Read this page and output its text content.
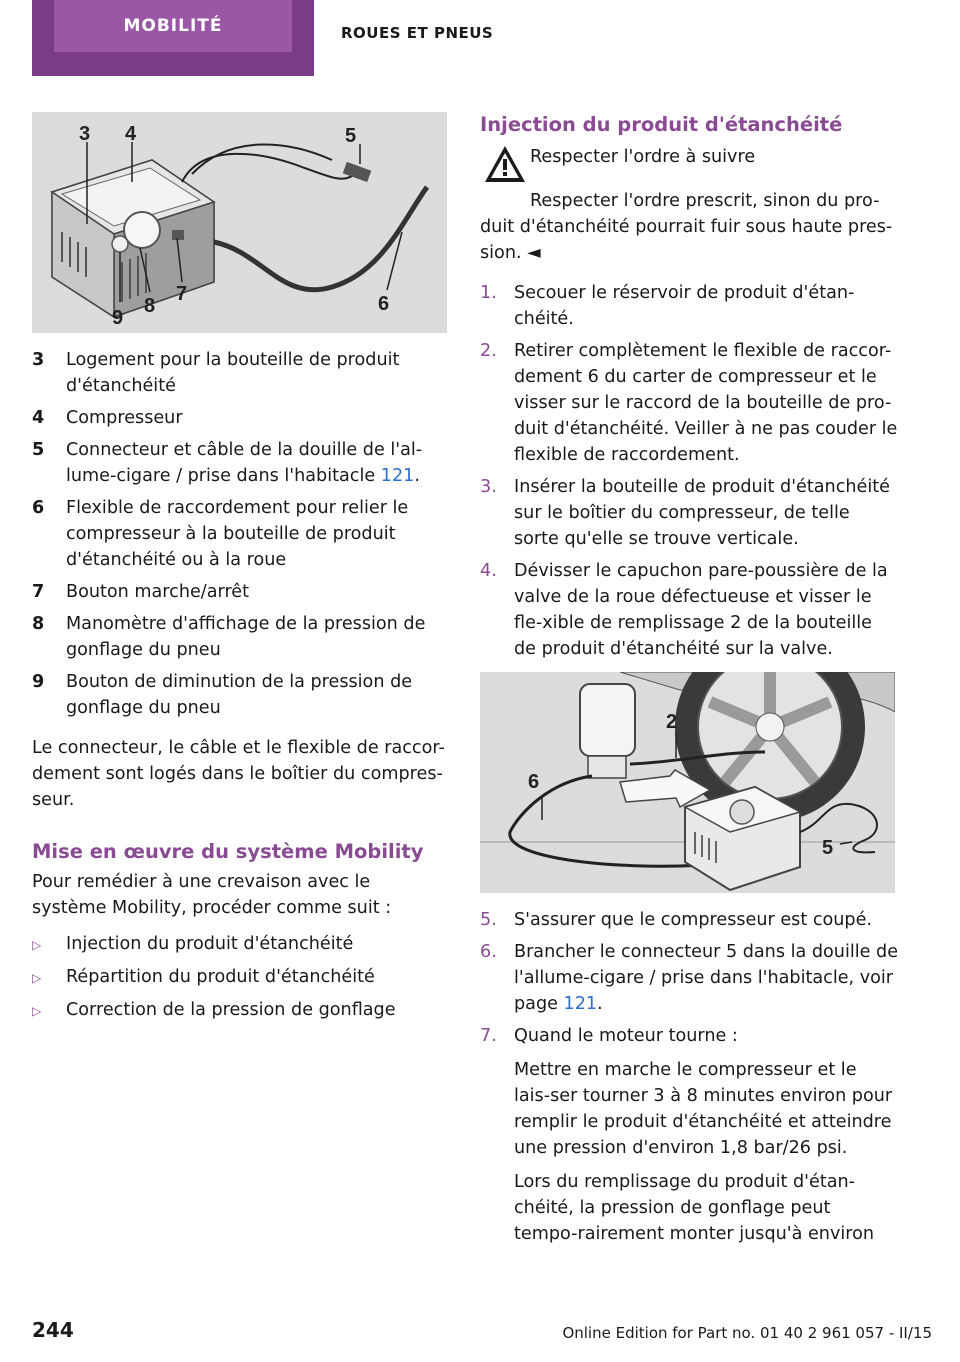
MOBILITÉ	ROUES ET PNEUS
3 4	5
6
7
8
9
3	Logement pour la bouteille de produit d'étanchéité
4	Compresseur
5	Connecteur et câble de la douille de l'al-lume-cigare / prise dans l'habitacle 121.
6	Flexible de raccordement pour relier le compresseur à la bouteille de produit d'étanchéité ou à la roue
7	Bouton marche/arrêt
8	Manomètre d'affichage de la pression de gonflage du pneu
9	Bouton de diminution de la pression de gonflage du pneu

Le connecteur, le câble et le flexible de raccor-dement sont logés dans le boîtier du compres-seur.

Mise en œuvre du système Mobility

Pour remédier à une crevaison avec le système Mobility, procéder comme suit :

▷	Injection du produit d'étanchéité
▷	Répartition du produit d'étanchéité
▷	Correction de la pression de gonflage
Injection du produit d'étanchéité
Respecter l'ordre à suivre

Respecter l'ordre prescrit, sinon du pro-duit d'étanchéité pourrait fuir sous haute pres-sion. ◄

1. Secouer le réservoir de produit d'étan-chéité.
2. Retirer complètement le flexible de raccor-dement 6 du carter de compresseur et le visser sur le raccord de la bouteille de pro-duit d'étanchéité. Veiller à ne pas couder le flexible de raccordement.
3. Insérer la bouteille de produit d'étanchéité sur le boîtier du compresseur, de telle sorte qu'elle se trouve verticale.
4. Dévisser le capuchon pare-poussière de la valve de la roue défectueuse et visser le fle-xible de remplissage 2 de la bouteille de produit d'étanchéité sur la valve.
2
6
5
5. S'assurer que le compresseur est coupé.
6. Brancher le connecteur 5 dans la douille de l'allume-cigare / prise dans l'habitacle, voir page 121.
7. Quand le moteur tourne :
Mettre en marche le compresseur et le lais-ser tourner 3 à 8 minutes environ pour remplir le produit d'étanchéité et atteindre une pression d'environ 1,8 bar/26 psi.
Lors du remplissage du produit d'étan-chéité, la pression de gonflage peut tempo-rairement monter jusqu'à environ
244	Online Edition for Part no. 01 40 2 961 057 - II/15
